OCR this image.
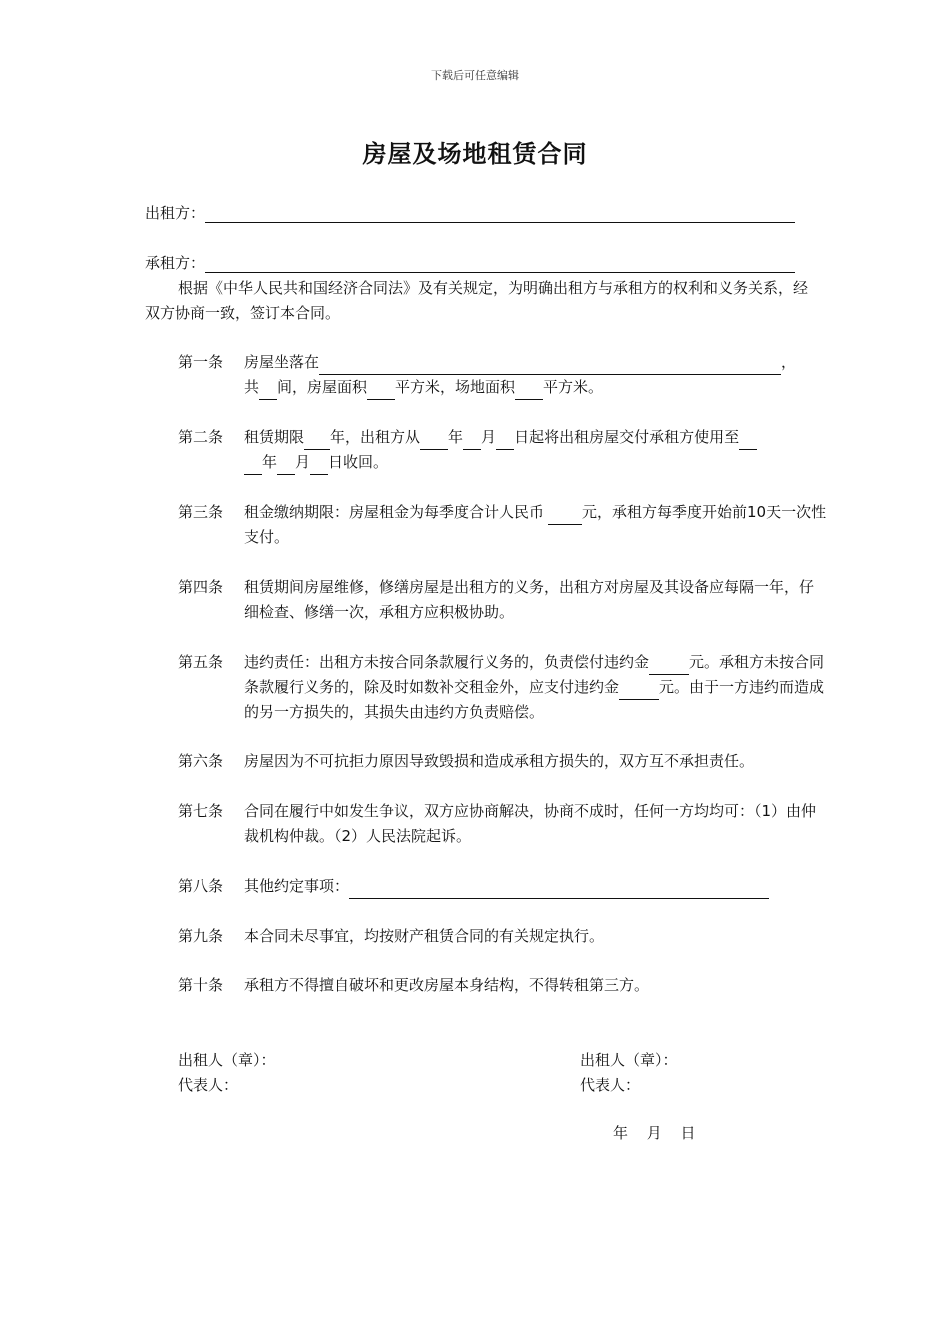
下载后可任意编辑
房屋及场地租赁合同
出租方：
承租方：

根据《中华人民共和国经济合同法》及有关规定，为明确出租方与承租方的权利和义务关系，经双方协商一致，签订本合同。

第一条	房屋坐落在	，
共 间，房屋面积 平方米，场地面积 平方米。
第二条	租赁期限 年，出租方从 年 月 日起将出租房屋交付承租方使用至
年 月 日收回。
第三条	租金缴纳期限：房屋租金为每季度合计人民币	元，承租方每季度开始前10天一次性支付。
第四条	租赁期间房屋维修，修缮房屋是出租方的义务，出租方对房屋及其设备应每隔一年，仔细检查、修缮一次，承租方应积极协助。
第五条	违约责任：出租方未按合同条款履行义务的，负责偿付违约金	元。承租方未按合同条款履行义务的，除及时如数补交租金外，应支付违约金	元。由于一方违约而造成的另一方损失的，其损失由违约方负责赔偿。
第六条	房屋因为不可抗拒力原因导致毁损和造成承租方损失的，双方互不承担责任。
第七条	合同在履行中如发生争议，双方应协商解决，协商不成时，任何一方均均可：（1）由仲裁机构仲裁。（2）人民法院起诉。
第八条	其他约定事项：
第九条	本合同未尽事宜，均按财产租赁合同的有关规定执行。
第十条	承租方不得擅自破坏和更改房屋本身结构，不得转租第三方。
出租人（章）：
代表人：
出租人（章）：
代表人：
年 月 日
